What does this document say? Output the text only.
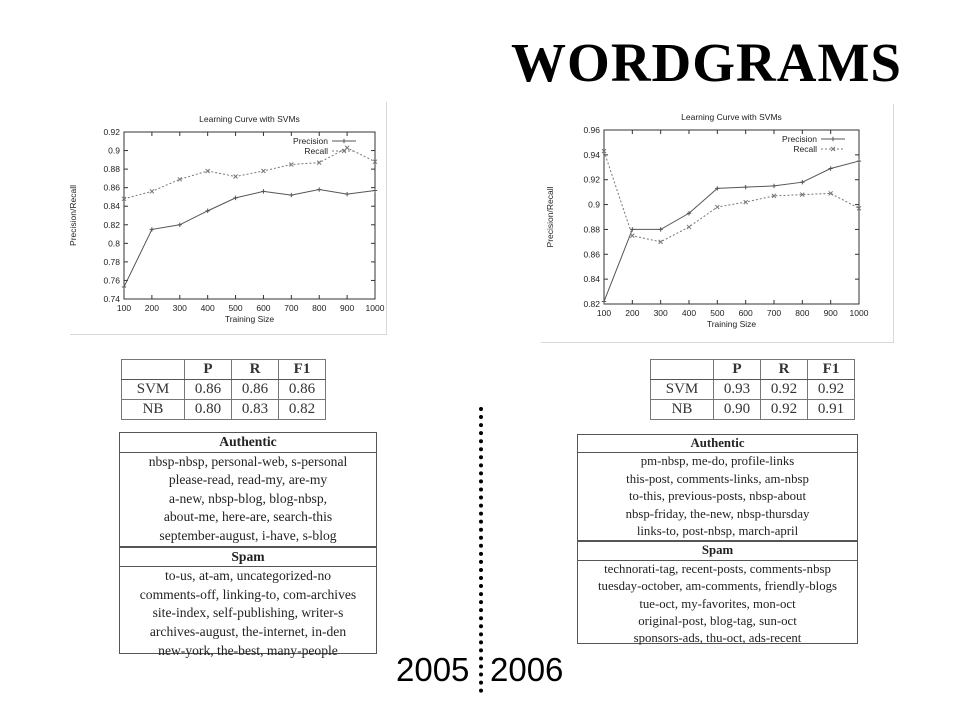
WORDGRAMS
Learning Curve with SVMs
0.74
0.76
0.78
0.8
0.82
0.84
0.86
0.88
0.9
0.92
100 200 300 400 500 600 700 800 900 1000
Training Size
Precision/Recall
Precision
Recall
Learning Curve with SVMs
0.82
0.84
0.86
0.88
0.9
0.92
0.94
0.96
100 200 300 400 500 600 700 800 900 1000
Training Size
Precision/Recall
Precision
Recall
	P	R	F1
SVM	0.86	0.86	0.86
NB	0.80	0.83	0.82
	P	R	F1
SVM	0.93	0.92	0.92
NB	0.90	0.92	0.91
Authentic
nbsp-nbsp, personal-web, s-personal
please-read, read-my, are-my
a-new, nbsp-blog, blog-nbsp,
about-me, here-are, search-this
september-august, i-have, s-blog
Spam
to-us, at-am, uncategorized-no
comments-off, linking-to, com-archives
site-index, self-publishing, writer-s
archives-august, the-internet, in-den
new-york, the-best, many-people
Authentic
pm-nbsp, me-do, profile-links
this-post, comments-links, am-nbsp
to-this, previous-posts, nbsp-about
nbsp-friday, the-new, nbsp-thursday
links-to, post-nbsp, march-april
Spam
technorati-tag, recent-posts, comments-nbsp
tuesday-october, am-comments, friendly-blogs
tue-oct, my-favorites, mon-oct
original-post, blog-tag, sun-oct
sponsors-ads, thu-oct, ads-recent
2005 2006
